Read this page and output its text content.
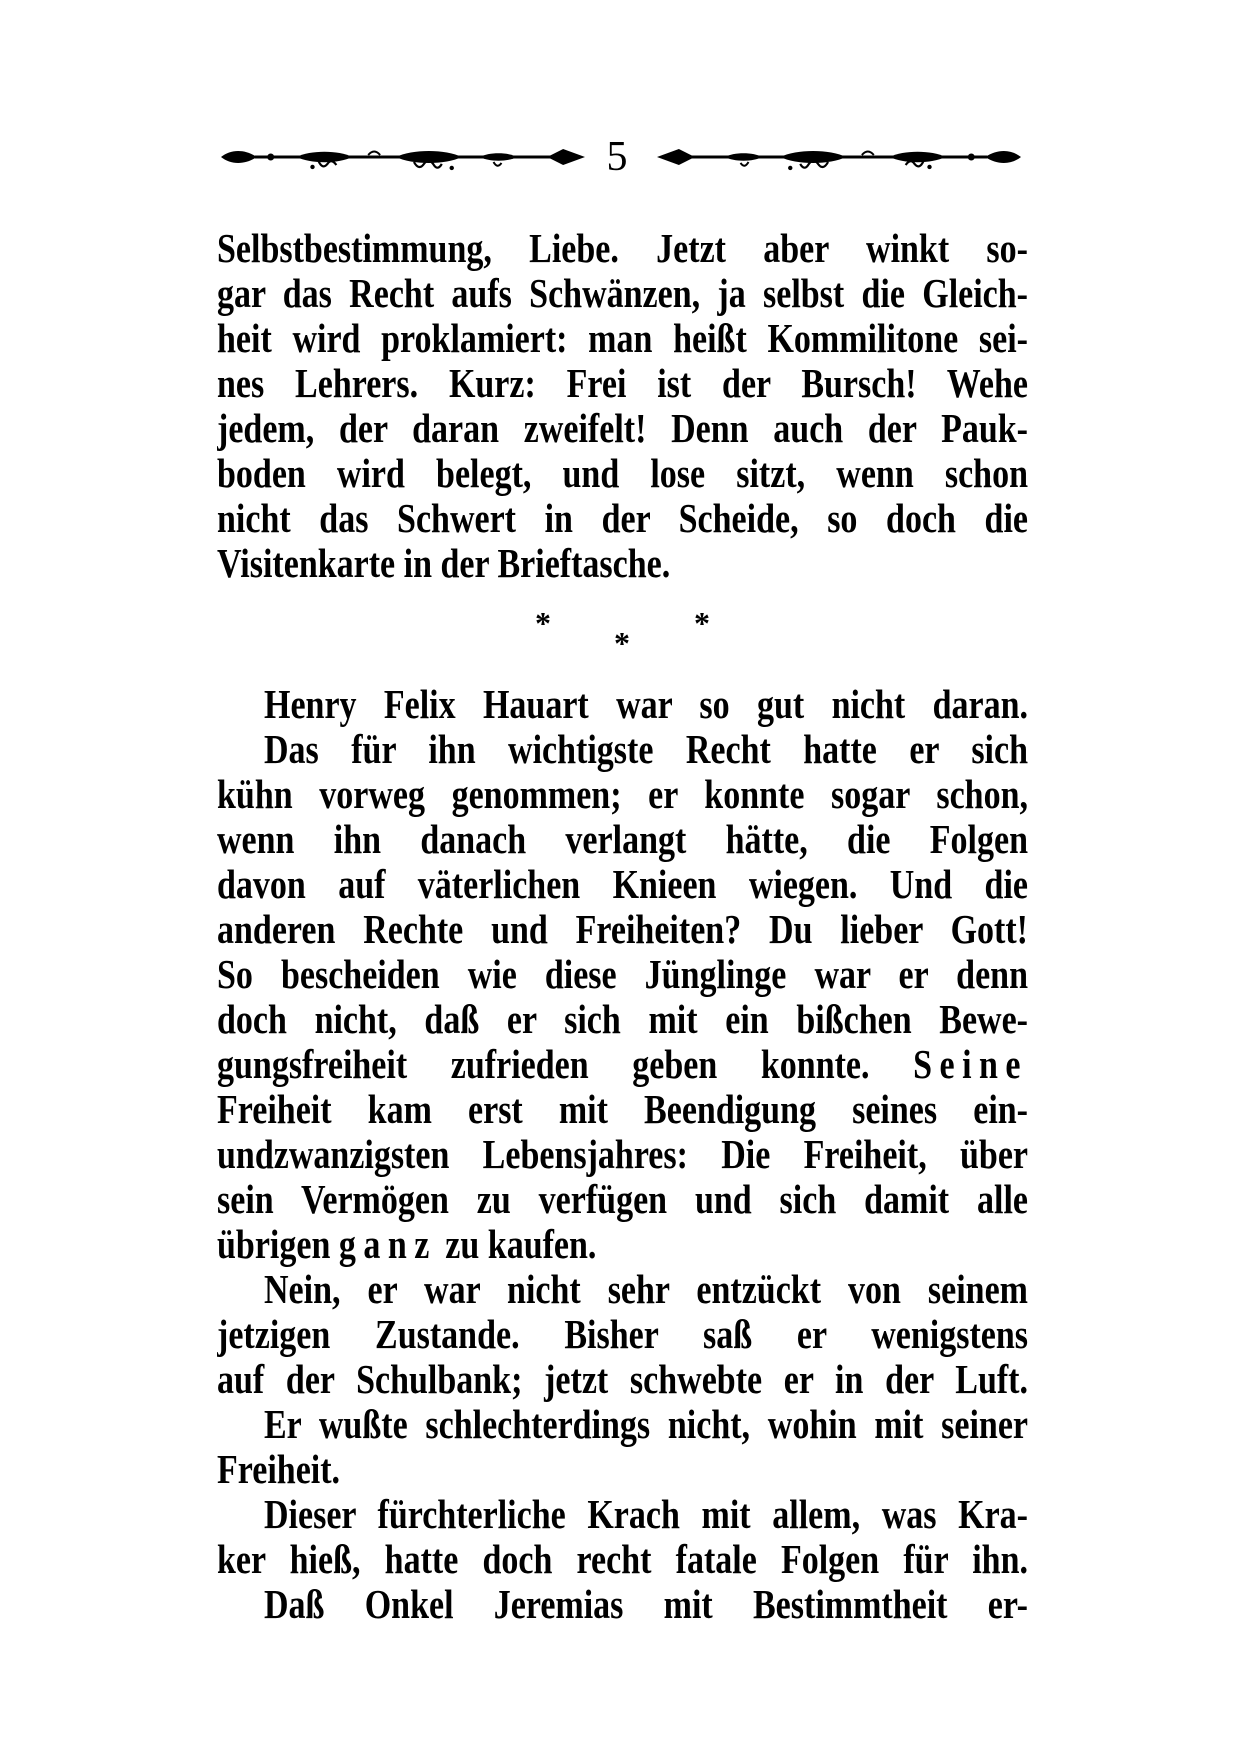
5
Selbstbestimmung, Liebe. Jetzt aber winkt so-
gar das Recht aufs Schwänzen, ja selbst die Gleich-
heit wird proklamiert: man heißt Kommilitone sei-
nes Lehrers. Kurz: Frei ist der Bursch! Wehe
jedem, der daran zweifelt! Denn auch der Pauk-
boden wird belegt, und lose sitzt, wenn schon
nicht das Schwert in der Scheide, so doch die
Visitenkarte in der Brieftasche.
*	*
*
Henry Felix Hauart war so gut nicht daran.
Das für ihn wichtigste Recht hatte er sich
kühn vorweg genommen; er konnte sogar schon,
wenn ihn danach verlangt hätte, die Folgen
davon auf väterlichen Knieen wiegen. Und die
anderen Rechte und Freiheiten? Du lieber Gott!
So bescheiden wie diese Jünglinge war er denn
doch nicht, daß er sich mit ein bißchen Bewe-
gungsfreiheit zufrieden geben konnte. Seine
Freiheit kam erst mit Beendigung seines ein-
undzwanzigsten Lebensjahres: Die Freiheit, über
sein Vermögen zu verfügen und sich damit alle
übrigen ganz zu kaufen.
Nein, er war nicht sehr entzückt von seinem
jetzigen Zustande. Bisher saß er wenigstens
auf der Schulbank; jetzt schwebte er in der Luft.
Er wußte schlechterdings nicht, wohin mit seiner
Freiheit.
Dieser fürchterliche Krach mit allem, was Kra-
ker hieß, hatte doch recht fatale Folgen für ihn.
Daß Onkel Jeremias mit Bestimmtheit er-
